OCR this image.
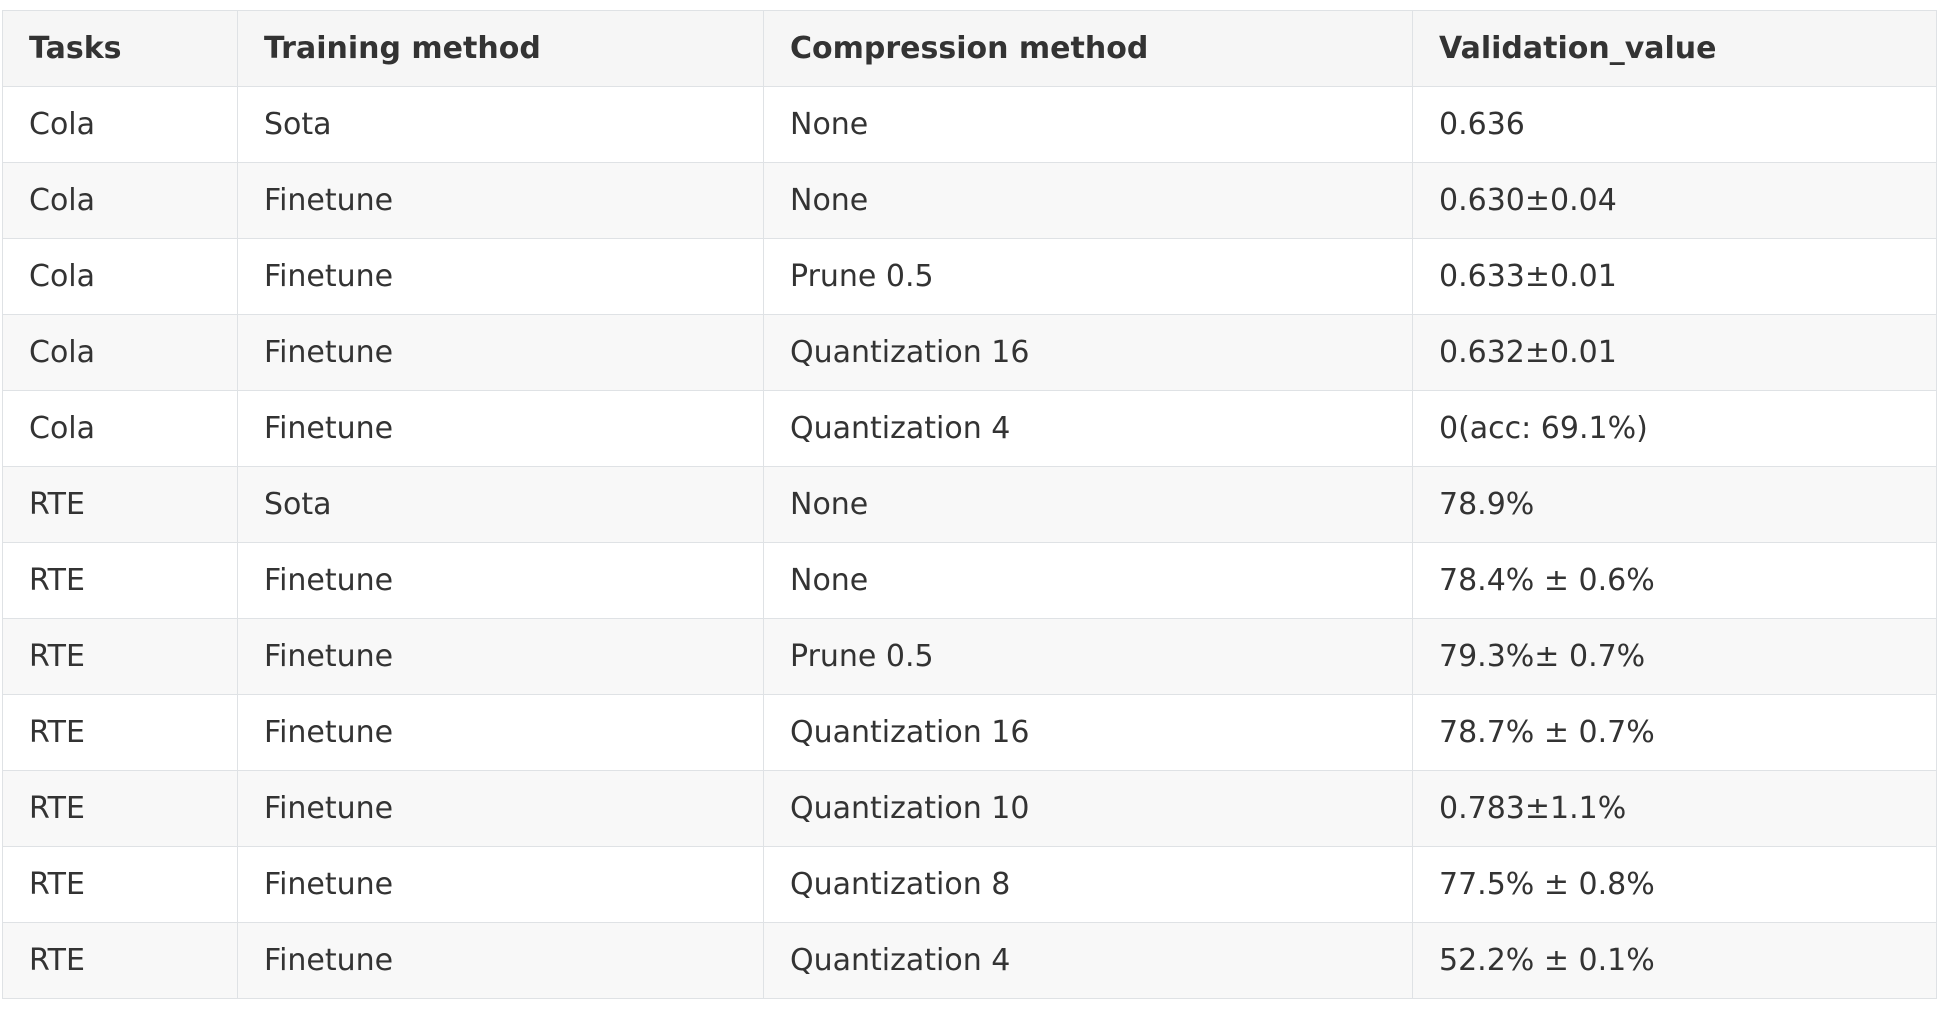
Tasks	Training method	Compression method	Validation_value
Cola	Sota	None	0.636
Cola	Finetune	None	0.630±0.04
Cola	Finetune	Prune 0.5	0.633±0.01
Cola	Finetune	Quantization 16	0.632±0.01
Cola	Finetune	Quantization 4	0(acc: 69.1%)
RTE	Sota	None	78.9%
RTE	Finetune	None	78.4% ± 0.6%
RTE	Finetune	Prune 0.5	79.3%± 0.7%
RTE	Finetune	Quantization 16	78.7% ± 0.7%
RTE	Finetune	Quantization 10	0.783±1.1%
RTE	Finetune	Quantization 8	77.5% ± 0.8%
RTE	Finetune	Quantization 4	52.2% ± 0.1%
